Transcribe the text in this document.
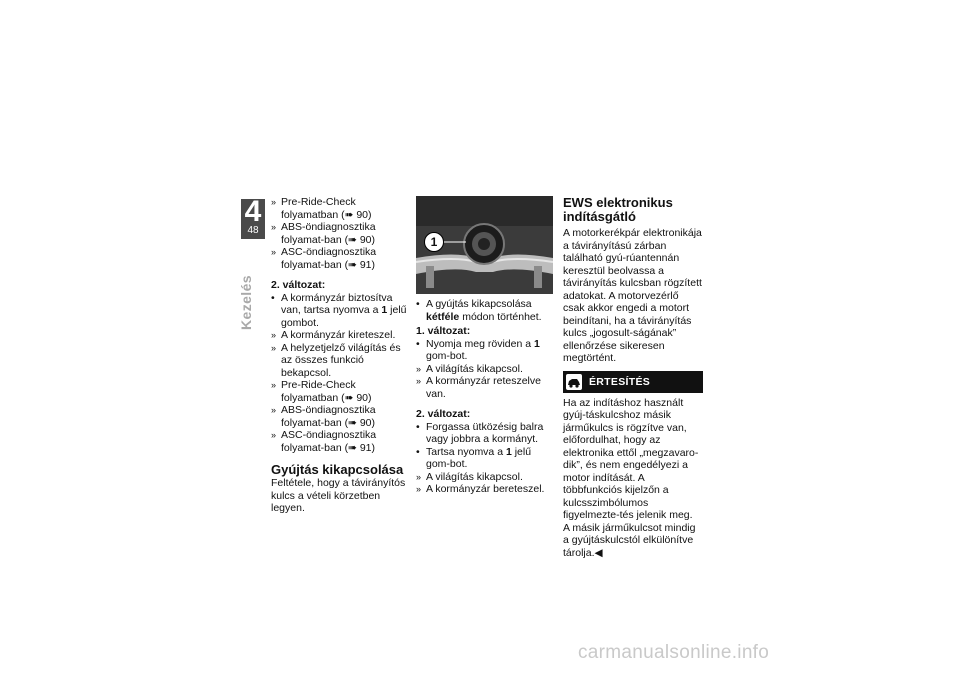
4
48
Kezelés
» Pre-Ride-Check folyamatban (➠ 90)
» ABS-öndiagnosztika folyamat-ban (➠ 90)
» ASC-öndiagnosztika folyamat-ban (➠ 91)
2. változat:
• A kormányzár biztosítva van, tartsa nyomva a 1 jelű gombot.
» A kormányzár kireteszel.
» A helyzetjelző világítás és az összes funkció bekapcsol.
» Pre-Ride-Check folyamatban (➠ 90)
» ABS-öndiagnosztika folyamat-ban (➠ 90)
» ASC-öndiagnosztika folyamat-ban (➠ 91)
Gyújtás kikapcsolása

Feltétele, hogy a távirányítós kulcs a vételi körzetben legyen.

1
• A gyújtás kikapcsolása kétféle módon történhet.
1. változat:
• Nyomja meg röviden a 1 gom-bot.
» A világítás kikapcsol.
» A kormányzár reteszelve van.
2. változat:
• Forgassa ütközésig balra vagy jobbra a kormányt.
• Tartsa nyomva a 1 jelű gom-bot.
» A világítás kikapcsol.
» A kormányzár bereteszel.
EWS elektronikus
indításgátló

A motorkerékpár elektronikája a távirányítású zárban található gyú-rúantennán keresztül beolvassa a távirányítás kulcsban rögzített adatokat. A motorvezérlő csak akkor engedi a motort beindítani, ha a távirányítás kulcs „jogosult-ságának” ellenőrzése sikeresen megtörtént.

ÉRTESÍTÉS

Ha az indításhoz használt gyúj-táskulcshoz másik járműkulcs is rögzítve van, előfordulhat, hogy az elektronika ettől „megzavaro-dik”, és nem engedélyezi a motor indítását. A többfunkciós kijelzőn a kulcsszimbólumos figyelmezte-tés jelenik meg.

A másik járműkulcsot mindig a gyújtáskulcstól elkülönítve tárolja.◀

carmanualsonline.info
